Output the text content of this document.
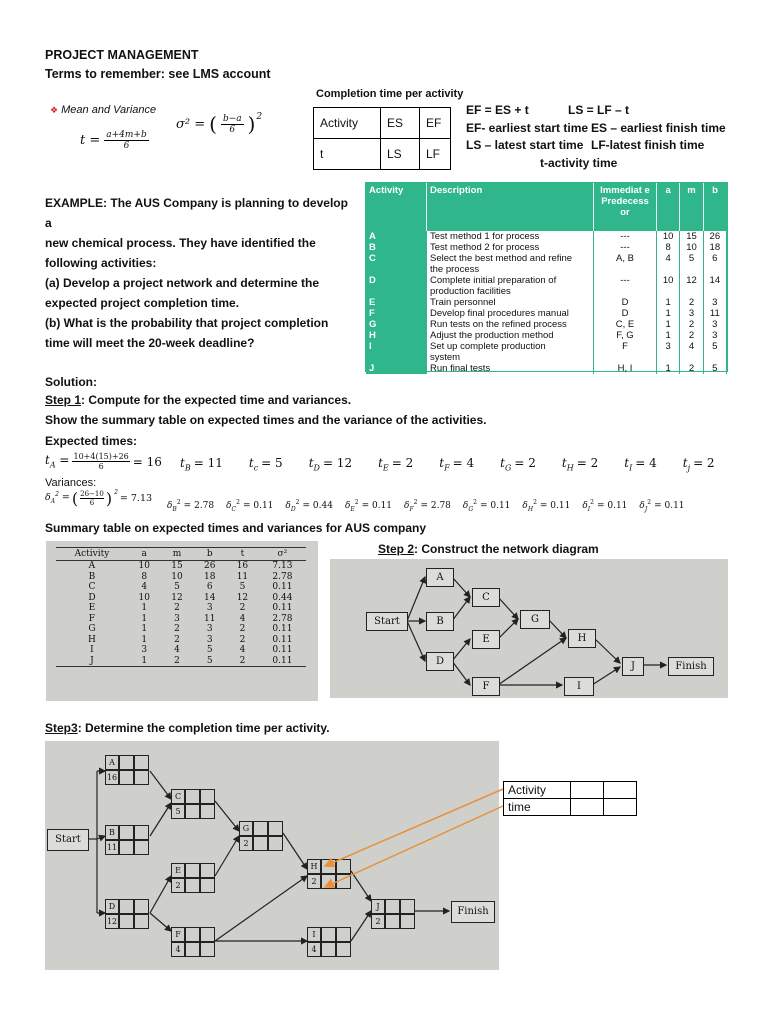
PROJECT MANAGEMENT
Terms to remember: see LMS account
❖ Mean and Variance
$t = \frac{a+4m+b}{6}$
σ² = ( $\frac{b-a}{6} )^2$
Completion time per activity
Activity	ES	EF
t	LS	LF
EF = ES + t	LS = LF – t
EF- earliest start time ES – earliest finish time
LS – latest start time LF-latest finish time
t-activity time
EXAMPLE: The AUS Company is planning to develop a
new chemical process. They have identified the
following activities:
(a) Develop a project network and determine the
expected project completion time.
(b) What is the probability that project completion
time will meet the 20-week deadline?
Activity	Description	Immediat e Predecess or	a	m	b
A	Test method 1 for process	---	10	15	26
B	Test method 2 for process	---	8	10	18
C	Select the best method and refine	A, B	4	5	6
	the process				
D	Complete initial preparation of	---	10	12	14
	production facilities				
E	Train personnel	D	1	2	3
F	Develop final procedures manual	D	1	3	11
G	Run tests on the refined process	C, E	1	2	3
H	Adjust the production method	F, G	1	2	3
I	Set up complete production	F	3	4	5
	system				
J	Run final tests	H, I	1	2	5
Solution:
Step 1: Compute for the expected time and variances.
Show the summary table on expected times and the variance of the activities.
Expected times:
$t_A = \frac{10+4(15)+26}{6} = 16$ $t_B = 11$ $t_c = 5$ $t_D = 12$ $t_E = 2$ $t_F = 4$ $t_G = 2$ $t_H = 2$ $t_I = 4$ $t_j = 2$
Variances:
$\delta_A^2$ = ( $\frac{26-10}{6}$ ) $^2$
= 7.13
$\delta_B^2 = 2.78$ $\delta_C^2 = 0.11$ $\delta_D^2 = 0.44$ $\delta_E^2 = 0.11$ $\delta_F^2 = 2.78$ $\delta_G^2 = 0.11$ $\delta_H^2 = 0.11$ $\delta_I^2 = 0.11$ $\delta_J^2 = 0.11$
Summary table on expected times and variances for AUS company
Activity	a	m	b	t	σ²
A	10	15	26	16	7.13
B	8	10	18	11	2.78
C	4	5	6	5	0.11
D	10	12	14	12	0.44
E	1	2	3	2	0.11
F	1	3	11	4	2.78
G	1	2	3	2	0.11
H	1	2	3	2	0.11
I	3	4	5	4	0.11
J	1	2	5	2	0.11
Step 2: Construct the network diagram
Start
A
B
C
D
E
F
G
H
I
J	Finish
Step3: Determine the completion time per activity.
Start
Finish
A
16
B
11
C
5
D
12
E
2
F
4
G
2
H
2
I
4
J
2
Activity		
time		
